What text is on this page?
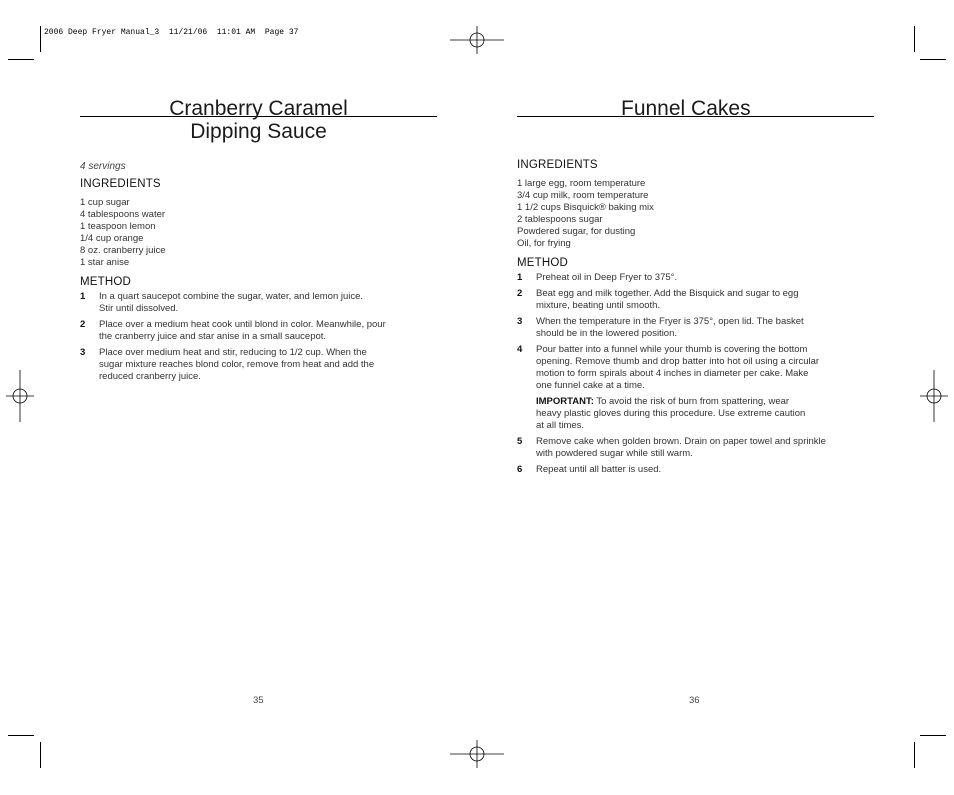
2006 Deep Fryer Manual_3  11/21/06  11:01 AM  Page 37
Cranberry Caramel
Dipping Sauce
4 servings
INGREDIENTS
1 cup sugar
4 tablespoons water
1 teaspoon lemon
1/4 cup orange
8 oz. cranberry juice
1 star anise
METHOD
1 In a quart saucepot combine the sugar, water, and lemon juice.
Stir until dissolved.
2 Place over a medium heat cook until blond in color. Meanwhile, pour
the cranberry juice and star anise in a small saucepot.
3 Place over medium heat and stir, reducing to 1/2 cup. When the
sugar mixture reaches blond color, remove from heat and add the
reduced cranberry juice.
35
Funnel Cakes
INGREDIENTS
1 large egg, room temperature
3/4 cup milk, room temperature
1 1/2 cups Bisquick® baking mix
2 tablespoons sugar
Powdered sugar, for dusting
Oil, for frying
METHOD
1 Preheat oil in Deep Fryer to 375°.
2 Beat egg and milk together. Add the Bisquick and sugar to egg
mixture, beating until smooth.
3 When the temperature in the Fryer is 375°, open lid. The basket
should be in the lowered position.
4 Pour batter into a funnel while your thumb is covering the bottom
opening. Remove thumb and drop batter into hot oil using a circular
motion to form spirals about 4 inches in diameter per cake. Make
one funnel cake at a time.
IMPORTANT: To avoid the risk of burn from spattering, wear
heavy plastic gloves during this procedure. Use extreme caution
at all times.
5 Remove cake when golden brown. Drain on paper towel and sprinkle
with powdered sugar while still warm.
6 Repeat until all batter is used.
36
